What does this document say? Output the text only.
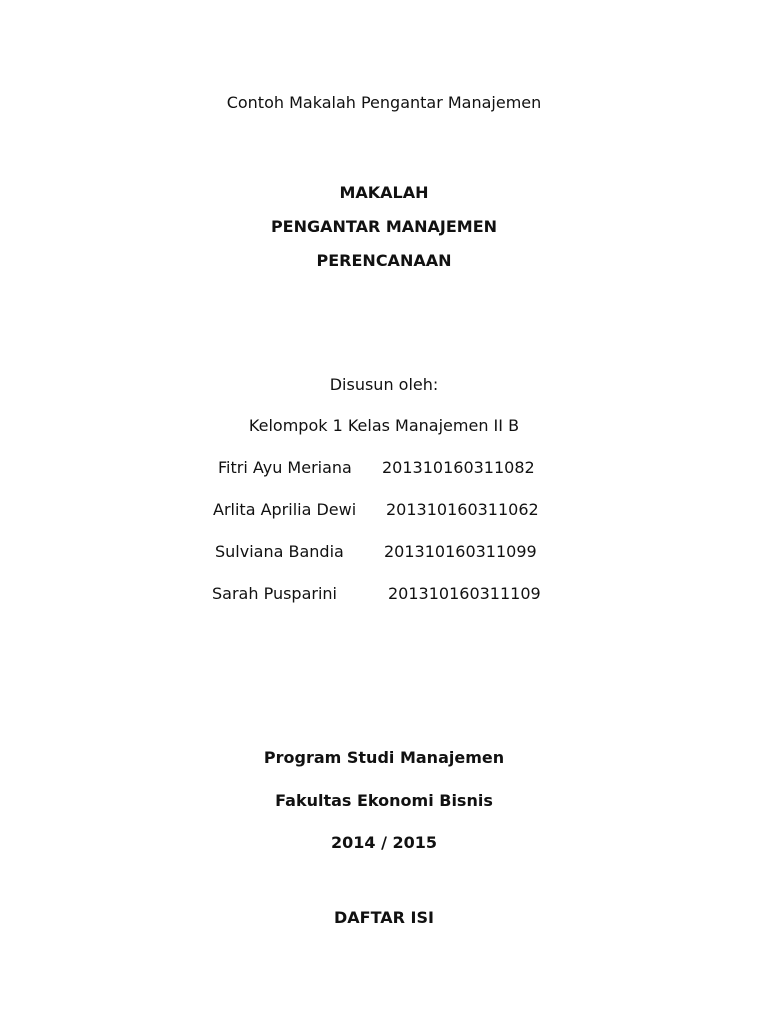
Contoh Makalah Pengantar Manajemen
MAKALAH
PENGANTAR MANAJEMEN
PERENCANAAN
Disusun oleh:
Kelompok 1 Kelas Manajemen II B
Fitri Ayu Meriana 201310160311082
Arlita Aprilia Dewi 201310160311062
Sulviana Bandia	201310160311099
Sarah Pusparini	201310160311109
Program Studi Manajemen
Fakultas Ekonomi Bisnis
2014 / 2015
DAFTAR ISI
